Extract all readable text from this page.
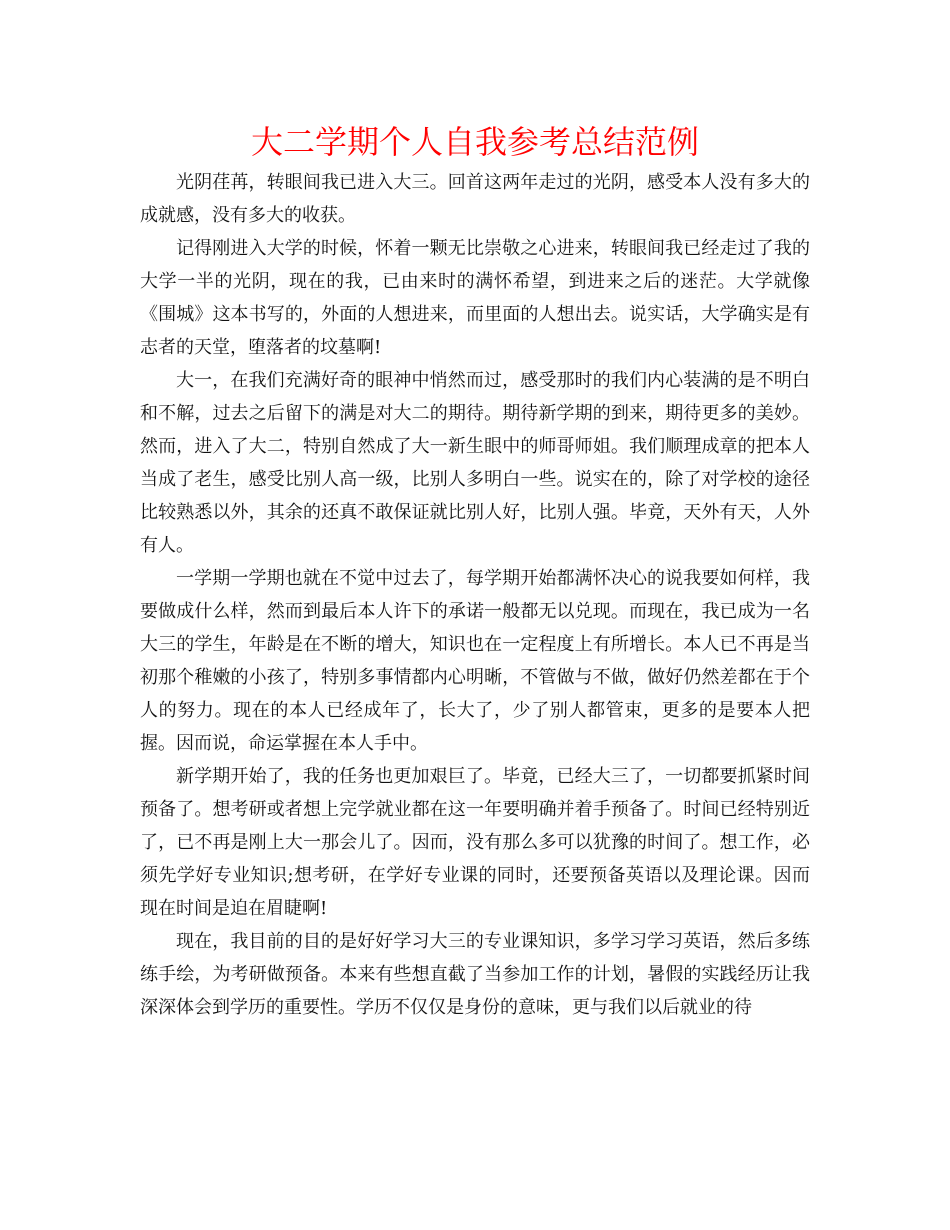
大二学期个人自我参考总结范例

光阴荏苒，转眼间我已进入大三。回首这两年走过的光阴，感受本人没有多大的成就感，没有多大的收获。

记得刚进入大学的时候，怀着一颗无比崇敬之心进来，转眼间我已经走过了我的大学一半的光阴，现在的我，已由来时的满怀希望，到进来之后的迷茫。大学就像《围城》这本书写的，外面的人想进来，而里面的人想出去。说实话，大学确实是有志者的天堂，堕落者的坟墓啊!

大一，在我们充满好奇的眼神中悄然而过，感受那时的我们内心装满的是不明白和不解，过去之后留下的满是对大二的期待。期待新学期的到来，期待更多的美妙。然而，进入了大二，特别自然成了大一新生眼中的师哥师姐。我们顺理成章的把本人当成了老生，感受比别人高一级，比别人多明白一些。说实在的，除了对学校的途径比较熟悉以外，其余的还真不敢保证就比别人好，比别人强。毕竟，天外有天，人外有人。

一学期一学期也就在不觉中过去了，每学期开始都满怀决心的说我要如何样，我要做成什么样，然而到最后本人许下的承诺一般都无以兑现。而现在，我已成为一名大三的学生，年龄是在不断的增大，知识也在一定程度上有所增长。本人已不再是当初那个稚嫩的小孩了，特别多事情都内心明晰，不管做与不做，做好仍然差都在于个人的努力。现在的本人已经成年了，长大了，少了别人都管束，更多的是要本人把握。因而说，命运掌握在本人手中。

新学期开始了，我的任务也更加艰巨了。毕竟，已经大三了，一切都要抓紧时间预备了。想考研或者想上完学就业都在这一年要明确并着手预备了。时间已经特别近了，已不再是刚上大一那会儿了。因而，没有那么多可以犹豫的时间了。想工作，必须先学好专业知识;想考研，在学好专业课的同时，还要预备英语以及理论课。因而现在时间是迫在眉睫啊!

现在，我目前的目的是好好学习大三的专业课知识，多学习学习英语，然后多练练手绘，为考研做预备。本来有些想直截了当参加工作的计划，暑假的实践经历让我深深体会到学历的重要性。学历不仅仅是身份的意味，更与我们以后就业的待
